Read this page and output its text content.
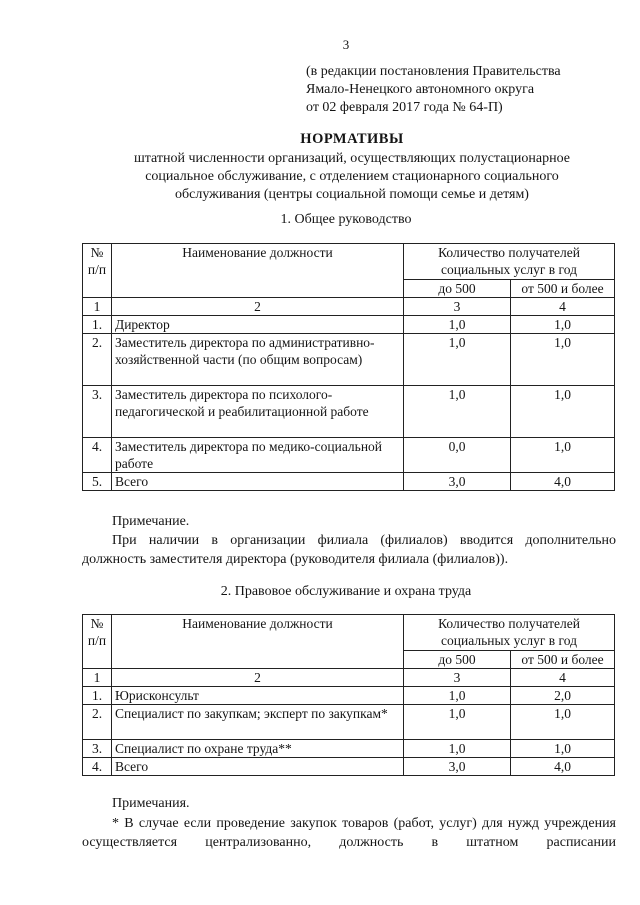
3
(в редакции постановления Правительства
Ямало-Ненецкого автономного округа
от 02 февраля 2017 года № 64-П)
НОРМАТИВЫ
штатной численности организаций, осуществляющих полустационарное
социальное обслуживание, с отделением стационарного социального
обслуживания (центры социальной помощи семье и детям)
1. Общее руководство
№ п/п	Наименование должности	Количество получателей социальных услуг в год	
		до 500	от 500 и более
1	2	3	4
1.	Директор	1,0	1,0
2.	Заместитель директора по административно-хозяйственной части (по общим вопросам)	1,0	1,0
3.	Заместитель директора по психолого-педагогической и реабилитационной работе	1,0	1,0
4.	Заместитель директора по медико-социальной работе	0,0	1,0
5.	Всего	3,0	4,0
Примечание.
При наличии в организации филиала (филиалов) вводится дополнительно должность заместителя директора (руководителя филиала (филиалов)).
2. Правовое обслуживание и охрана труда
№ п/п	Наименование должности	Количество получателей социальных услуг в год	
		до 500	от 500 и более
1	2	3	4
1.	Юрисконсульт	1,0	2,0
2.	Специалист по закупкам; эксперт по закупкам*	1,0	1,0
3.	Специалист по охране труда**	1,0	1,0
4.	Всего	3,0	4,0
Примечания.
* В случае если проведение закупок товаров (работ, услуг) для нужд учреждения осуществляется централизованно, должность в штатном расписании
